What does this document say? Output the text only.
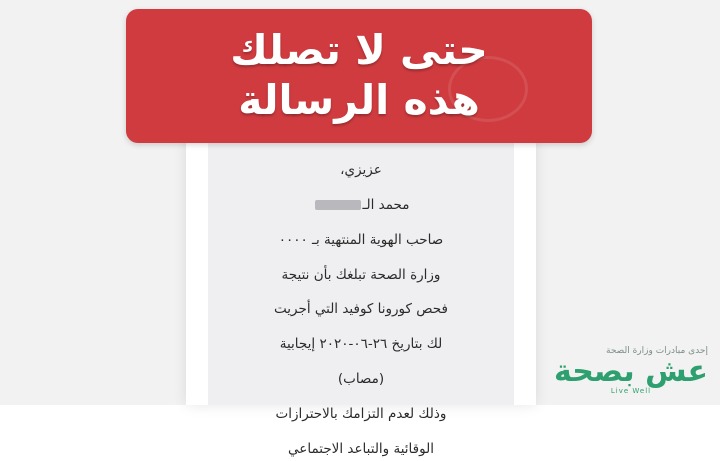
عزيزي،

محمد الـ

صاحب الهوية المنتهية بـ ٠٠٠٠

وزارة الصحة تبلغك بأن نتيجة

فحص كورونا كوفيد التي أجريت

لك بتاريخ ٢٦-٠٦-٢٠٢٠ إيجابية

(مصاب)

وذلك لعدم التزامك بالاحترازات

الوقائية والتباعد الاجتماعي

حتى لا تصلك
هذه الرسالة
إحدى مبادرات وزارة الصحة
عش بصحة
Live Well
